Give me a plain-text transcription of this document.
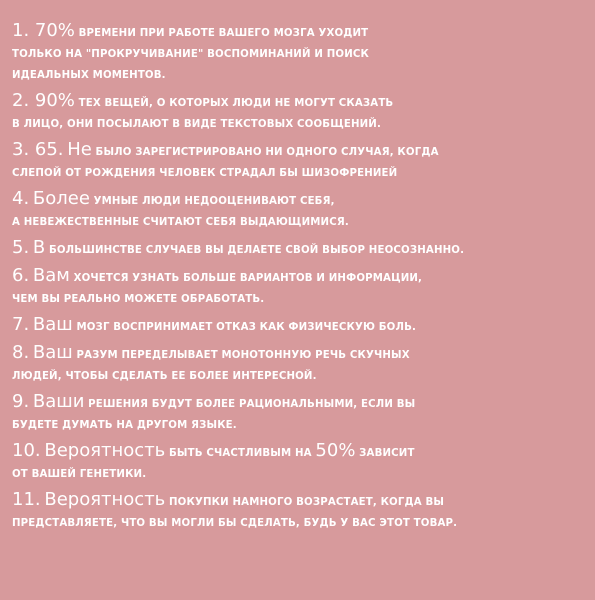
1. 70% ВРЕМЕНИ ПРИ РАБОТЕ ВАШЕГО МОЗГА УХОДИТ
ТОЛЬКО НА "ПРОКРУЧИВАНИЕ" ВОСПОМИНАНИЙ И ПОИСК
ИДЕАЛЬНЫХ МОМЕНТОВ.
2. 90% ТЕХ ВЕЩЕЙ, О КОТОРЫХ ЛЮДИ НЕ МОГУТ СКАЗАТЬ
В ЛИЦО, ОНИ ПОСЫЛАЮТ В ВИДЕ ТЕКСТОВЫХ СООБЩЕНИЙ.
3. 65. Не БЫЛО ЗАРЕГИСТРИРОВАНО НИ ОДНОГО СЛУЧАЯ, КОГДА
СЛЕПОЙ ОТ РОЖДЕНИЯ ЧЕЛОВЕК СТРАДАЛ БЫ ШИЗОФРЕНИЕЙ
4. Более УМНЫЕ ЛЮДИ НЕДООЦЕНИВАЮТ СЕБЯ,
А НЕВЕЖЕСТВЕННЫЕ СЧИТАЮТ СЕБЯ ВЫДАЮЩИМИСЯ.
5. В БОЛЬШИНСТВЕ СЛУЧАЕВ ВЫ ДЕЛАЕТЕ СВОЙ ВЫБОР НЕОСОЗНАННО.
6. Вам ХОЧЕТСЯ УЗНАТЬ БОЛЬШЕ ВАРИАНТОВ И ИНФОРМАЦИИ,
ЧЕМ ВЫ РЕАЛЬНО МОЖЕТЕ ОБРАБОТАТЬ.
7. Ваш МОЗГ ВОСПРИНИМАЕТ ОТКАЗ КАК ФИЗИЧЕСКУЮ БОЛЬ.
8. Ваш РАЗУМ ПЕРЕДЕЛЫВАЕТ МОНОТОННУЮ РЕЧЬ СКУЧНЫХ
ЛЮДЕЙ, ЧТОБЫ СДЕЛАТЬ ЕЕ БОЛЕЕ ИНТЕРЕСНОЙ.
9. Ваши РЕШЕНИЯ БУДУТ БОЛЕЕ РАЦИОНАЛЬНЫМИ, ЕСЛИ ВЫ
БУДЕТЕ ДУМАТЬ НА ДРУГОМ ЯЗЫКЕ.
10. Вероятность БЫТЬ СЧАСТЛИВЫМ НА 50% ЗАВИСИТ
ОТ ВАШЕЙ ГЕНЕТИКИ.
11. Вероятность ПОКУПКИ НАМНОГО ВОЗРАСТАЕТ, КОГДА ВЫ
ПРЕДСТАВЛЯЕТЕ, ЧТО ВЫ МОГЛИ БЫ СДЕЛАТЬ, БУДЬ У ВАС ЭТОТ ТОВАР.
